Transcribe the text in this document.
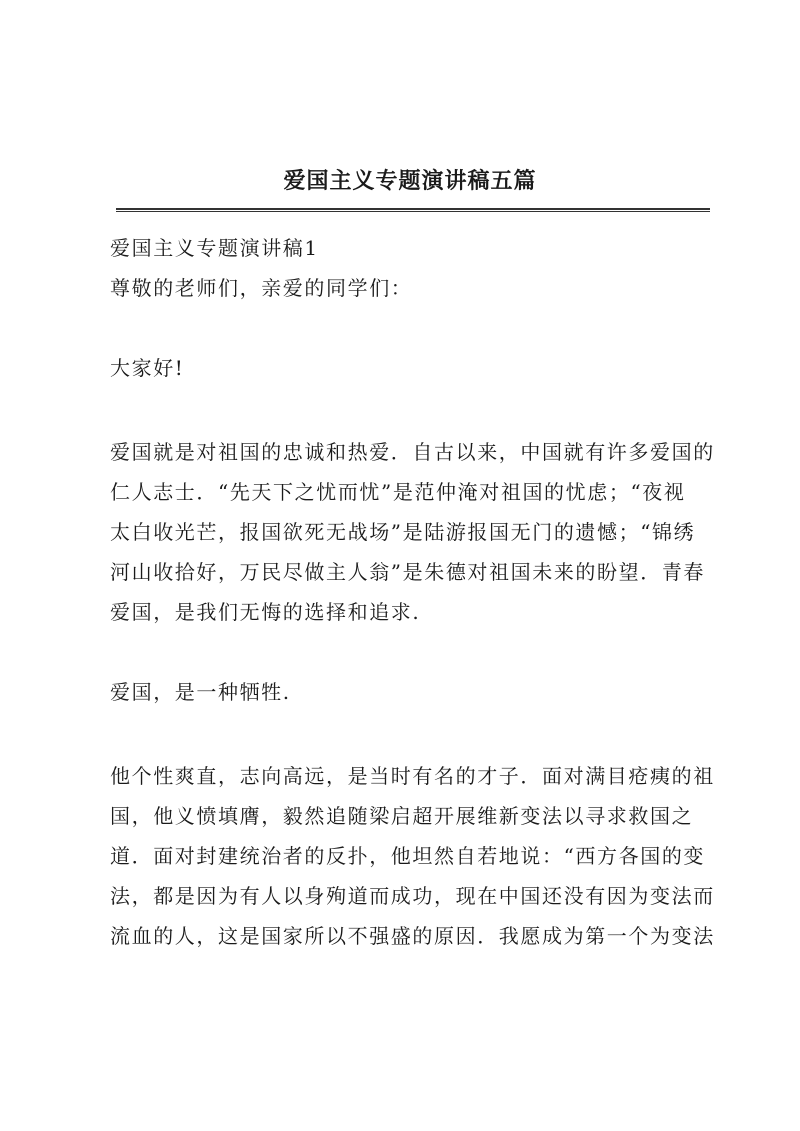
爱国主义专题演讲稿五篇
爱国主义专题演讲稿1
尊敬的老师们，亲爱的同学们：
大家好!
爱国就是对祖国的忠诚和热爱．自古以来，中国就有许多爱国的
仁人志士．“先天下之忧而忧”是范仲淹对祖国的忧虑；“夜视
太白收光芒，报国欲死无战场”是陆游报国无门的遗憾；“锦绣
河山收拾好，万民尽做主人翁”是朱德对祖国未来的盼望．青春
爱国，是我们无悔的选择和追求.
爱国，是一种牺牲.
他个性爽直，志向高远，是当时有名的才子．面对满目疮痍的祖
国，他义愤填膺，毅然追随梁启超开展维新变法以寻求救国之
道．面对封建统治者的反扑，他坦然自若地说：“西方各国的变
法，都是因为有人以身殉道而成功，现在中国还没有因为变法而
流血的人，这是国家所以不强盛的原因．我愿成为第一个为变法
